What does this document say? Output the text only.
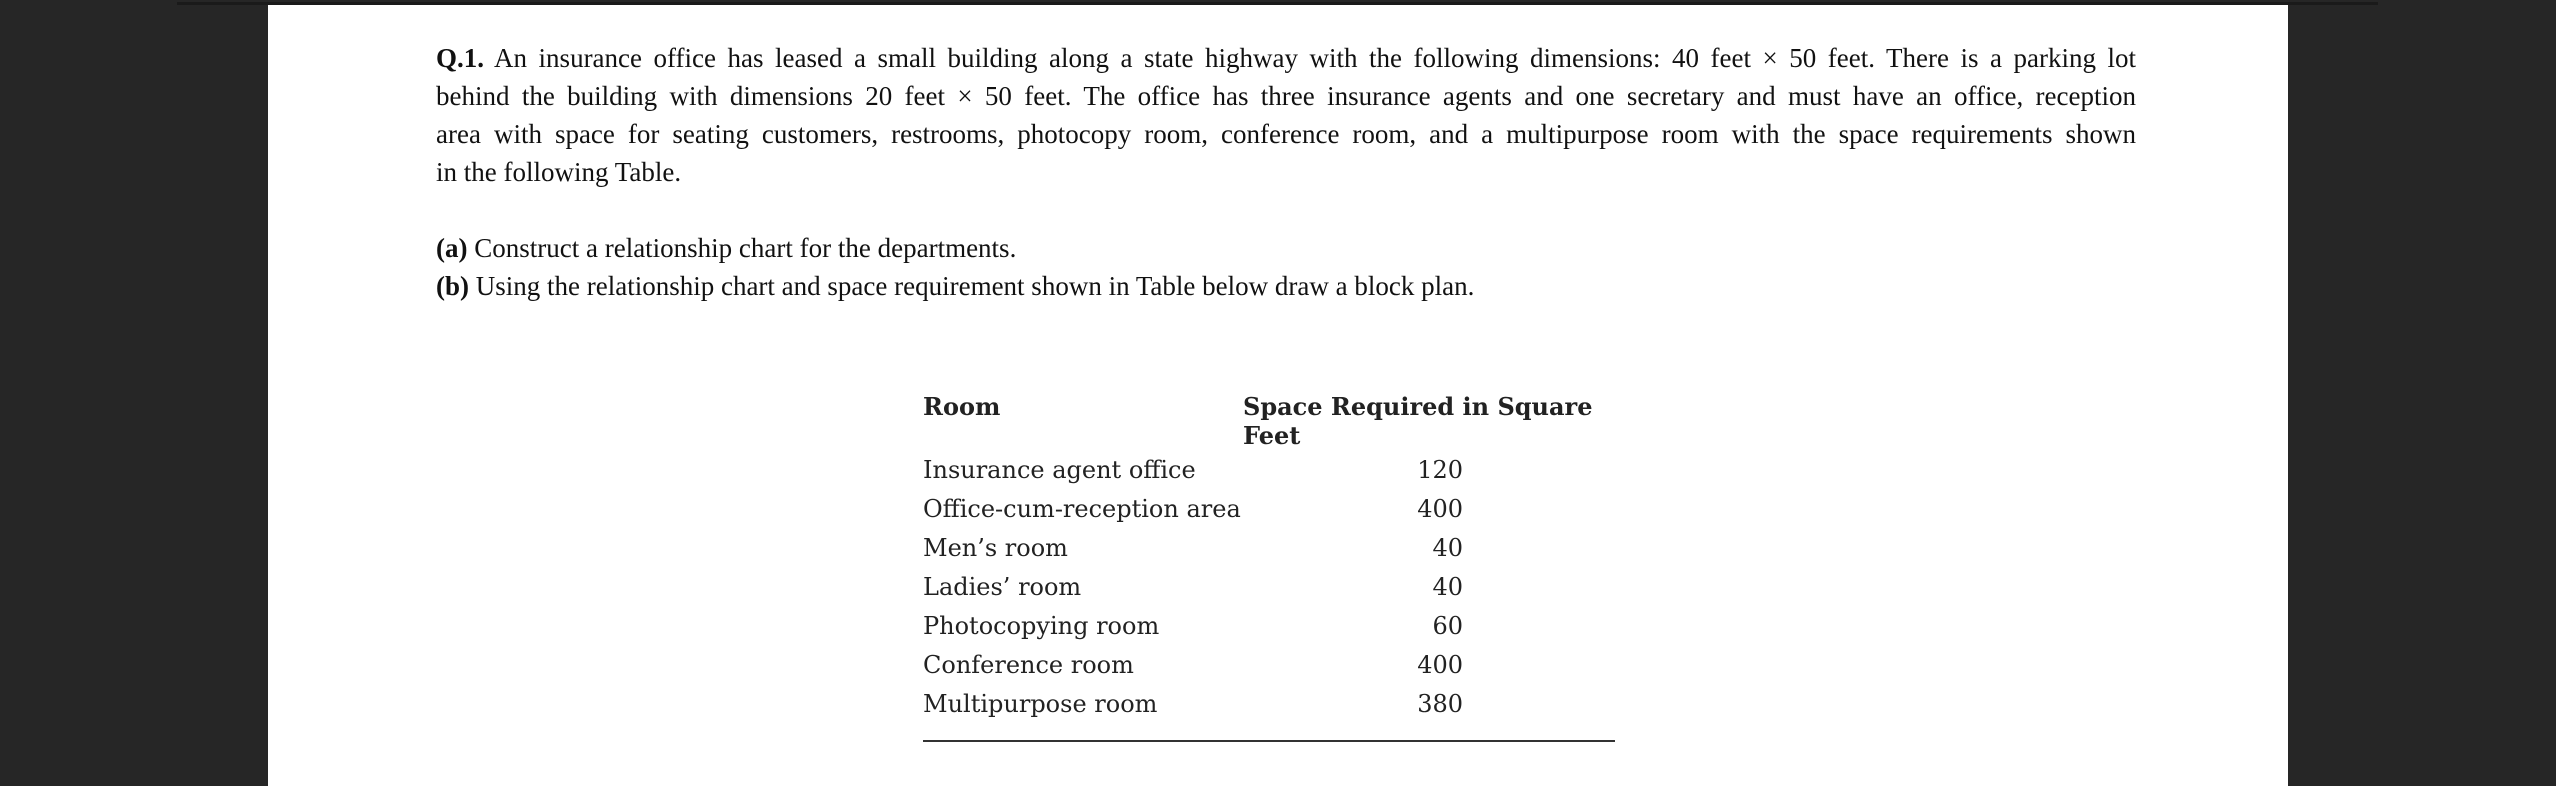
Q.1. An insurance office has leased a small building along a state highway with the following dimensions: 40 feet × 50 feet. There is a parking lot
behind the building with dimensions 20 feet × 50 feet. The office has three insurance agents and one secretary and must have an office, reception
area with space for seating customers, restrooms, photocopy room, conference room, and a multipurpose room with the space requirements shown
in the following Table.

(a) Construct a relationship chart for the departments.
(b) Using the relationship chart and space requirement shown in Table below draw a block plan.
Room	Space Required in Square Feet
Insurance agent office	120
Office-cum-reception area	400
Men’s room	40
Ladies’ room	40
Photocopying room	60
Conference room	400
Multipurpose room	380
